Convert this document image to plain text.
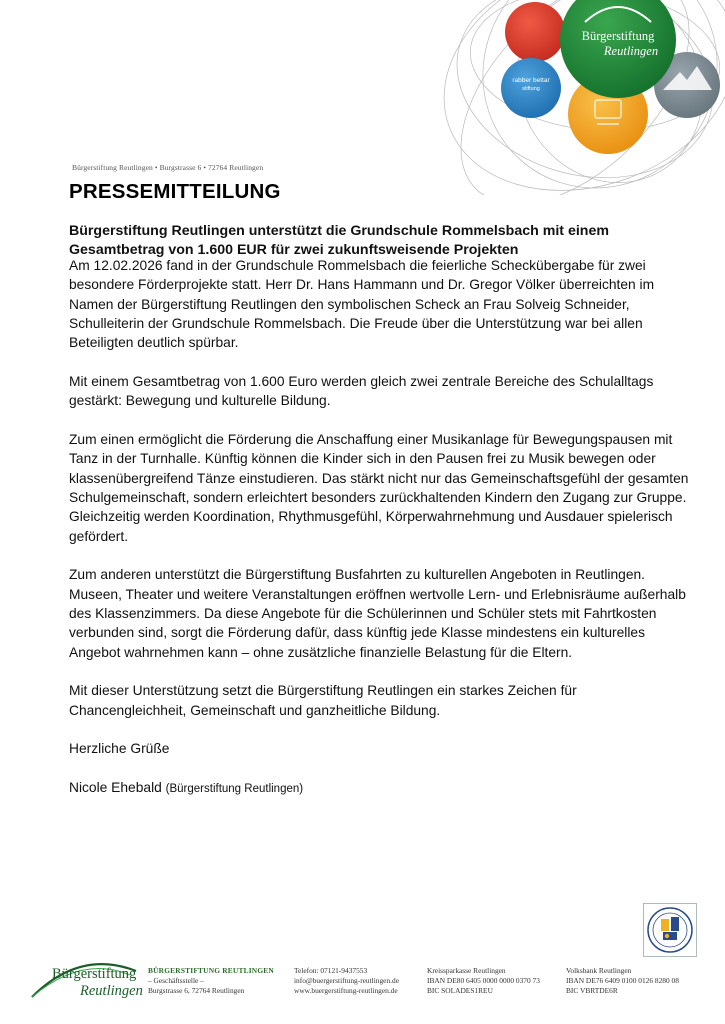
rabber bettar
stiftung
Bürgerstiftung
Reutlingen
Bürgerstiftung Reutlingen • Burgstrasse 6 • 72764 Reutlingen
PRESSEMITTEILUNG
Bürgerstiftung Reutlingen unterstützt die Grundschule Rommelsbach mit einem
Gesamtbetrag von 1.600 EUR für zwei zukunftsweisende Projekten

Am 12.02.2026 fand in der Grundschule Rommelsbach die feierliche Scheckübergabe für zwei besondere Förderprojekte statt. Herr Dr. Hans Hammann und Dr. Gregor Völker überreichten im Namen der Bürgerstiftung Reutlingen den symbolischen Scheck an Frau Solveig Schneider, Schulleiterin der Grundschule Rommelsbach. Die Freude über die Unterstützung war bei allen Beteiligten deutlich spürbar.

Mit einem Gesamtbetrag von 1.600 Euro werden gleich zwei zentrale Bereiche des Schulalltags gestärkt: Bewegung und kulturelle Bildung.

Zum einen ermöglicht die Förderung die Anschaffung einer Musikanlage für Bewegungspausen mit Tanz in der Turnhalle. Künftig können die Kinder sich in den Pausen frei zu Musik bewegen oder klassenübergreifend Tänze einstudieren. Das stärkt nicht nur das Gemeinschaftsgefühl der gesamten Schulgemeinschaft, sondern erleichtert besonders zurückhaltenden Kindern den Zugang zur Gruppe. Gleichzeitig werden Koordination, Rhythmusgefühl, Körperwahrnehmung und Ausdauer spielerisch gefördert.

Zum anderen unterstützt die Bürgerstiftung Busfahrten zu kulturellen Angeboten in Reutlingen. Museen, Theater und weitere Veranstaltungen eröffnen wertvolle Lern- und Erlebnisräume außerhalb des Klassenzimmers. Da diese Angebote für die Schülerinnen und Schüler stets mit Fahrtkosten verbunden sind, sorgt die Förderung dafür, dass künftig jede Klasse mindestens ein kulturelles Angebot wahrnehmen kann – ohne zusätzliche finanzielle Belastung für die Eltern.

Mit dieser Unterstützung setzt die Bürgerstiftung Reutlingen ein starkes Zeichen für Chancengleichheit, Gemeinschaft und ganzheitliche Bildung.

Herzliche Grüße

Nicole Ehebald (Bürgerstiftung Reutlingen)

Bürgerstiftung
Reutlingen
BÜRGERSTIFTUNG REUTLINGEN
– Geschäftsstelle –
Burgstrasse 6, 72764 Reutlingen
Telefon: 07121-9437553
info@buergerstiftung-reutlingen.de
www.buergerstiftung-reutlingen.de
Kreissparkasse Reutlingen
IBAN DE80 6405 0000 0000 0370 73
BIC SOLADES1REU
Volksbank Reutlingen
IBAN DE76 6409 0100 0126 8280 08
BIC VBRTDE6R
